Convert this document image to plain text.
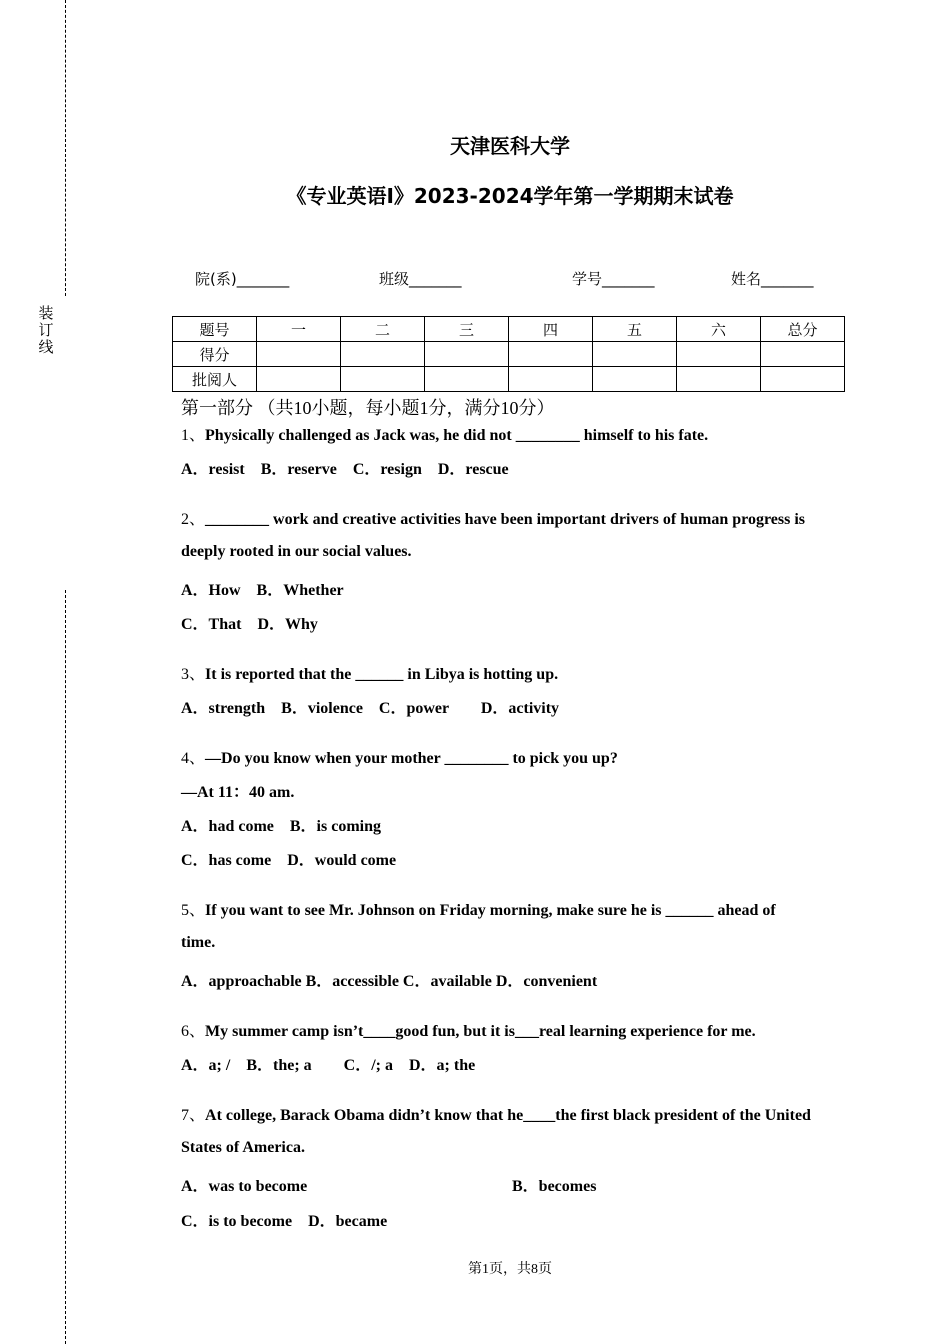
装
订
线
天津医科大学
《专业英语Ⅰ》2023-2024学年第一学期期末试卷
院(系)_______	班级_______	学号_______	姓名_______
题号	一	二	三	四	五	六	总分
得分							
批阅人							
第一部分 （共10小题，每小题1分，满分10分）
1、Physically challenged as Jack was, he did not ________ himself to his fate.
A．resist　B．reserve　C．resign　D．rescue
2、________ work and creative activities have been important drivers of human progress is
deeply rooted in our social values.
A．How　B．Whether
C．That　D．Why
3、It is reported that the ______ in Libya is hotting up.
A．strength　B．violence　C．power　　D．activity
4、—Do you know when your mother ________ to pick you up?
—At 11：40 am.
A．had come　B．is coming
C．has come　D．would come
5、If you want to see Mr. Johnson on Friday morning, make sure he is ______ ahead of
time.
A．approachable B．accessible C．available D．convenient
6、My summer camp isn’t____good fun, but it is___real learning experience for me.
A．a; /　B．the; a　　C．/; a　D．a; the
7、At college, Barack Obama didn’t know that he____the first black president of the United
States of America.
A．was to become	B．becomes
C．is to become　D．became
第1页，共8页
